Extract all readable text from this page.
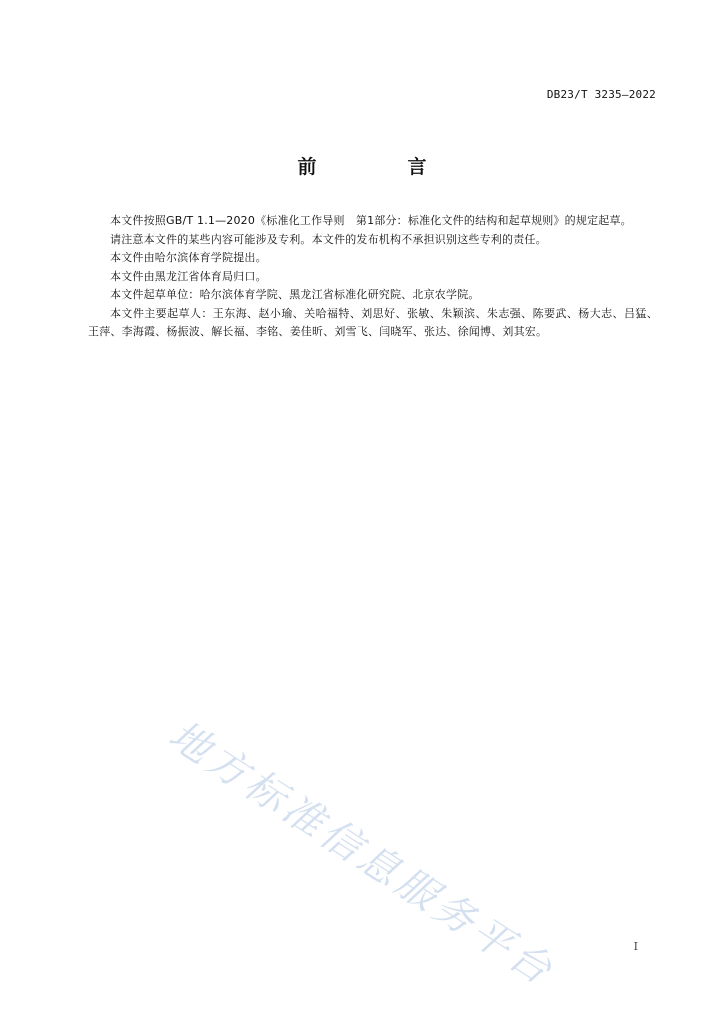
DB23/T 3235—2022
前　言

本文件按照GB/T 1.1—2020《标准化工作导则　第1部分：标准化文件的结构和起草规则》的规定起草。

请注意本文件的某些内容可能涉及专利。本文件的发布机构不承担识别这些专利的责任。

本文件由哈尔滨体育学院提出。

本文件由黑龙江省体育局归口。

本文件起草单位：哈尔滨体育学院、黑龙江省标准化研究院、北京农学院。

本文件主要起草人：王东海、赵小瑜、关哈福特、刘思好、张敏、朱颖滨、朱志强、陈要武、杨大志、吕猛、王萍、李海霞、杨振波、解长福、李铭、姜佳昕、刘雪飞、闫晓军、张达、徐闻博、刘其宏。

地方标准信息服务平台	I
